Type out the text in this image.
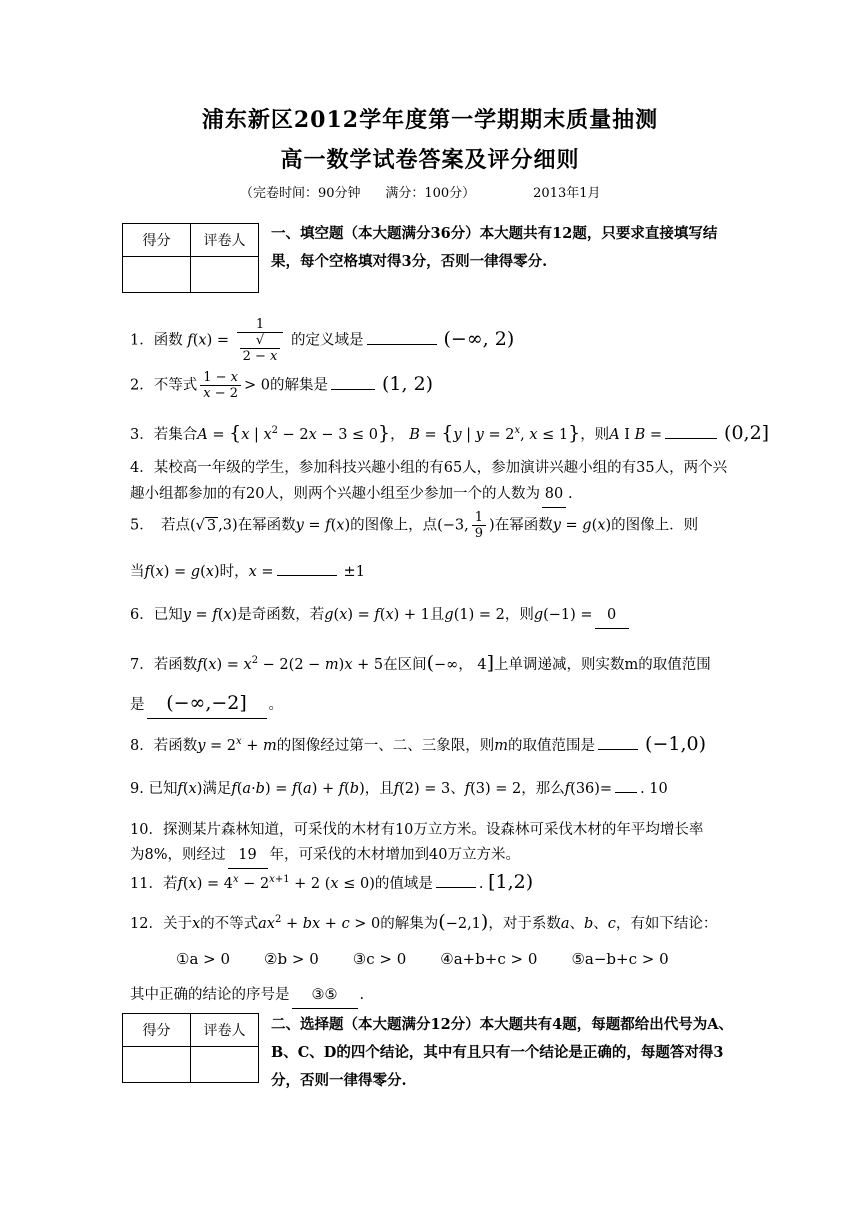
浦东新区2012学年度第一学期期末质量抽测
高一数学试卷答案及评分细则
（完卷时间：90分钟      满分：100分）	2013年1月
得分	评卷人
	一、填空题（本大题满分36分）本大题共有12题，只要求直接填写结果，每个空格填对得3分，否则一律得零分.
1．函数 f(x) = 1
√
2 − x 的定义域是	(−∞, 2)
2．不等式 $\frac{1 - x}{x - 2} > 0$的解集是	(1, 2)
3．若集合A = {x | $x^2 - 2x - 3 \le 0$}， B = {y | $y = 2^x$, x ≤ 1}，则A I B =	(0,2]
4．某校高一年级的学生，参加科技兴趣小组的有65人，参加演讲兴趣小组的有35人，两个兴趣小组都参加的有20人，则两个兴趣小组至少参加一个的人数为 80 .
5．　若点(√ 3 ,3)在幂函数y = f(x)的图像上，点(−3, $\frac{1}{9}$ )在幂函数y = g(x)的图像上．则
当f(x) = g(x)时，x =	±1
6．已知y = f(x)是奇函数，若g(x) = f(x) + 1且g(1) = 2，则g(−1) = 0
7．若函数$f(x) = x^2 - 2(2 - m)x + 5$在区间(−∞， 4]上单调递减，则实数m的取值范围
是 (−∞,−2] 。
8．若函数$y = 2^x + m$的图像经过第一、二、三象限，则m的取值范围是	(−1,0)
9. 已知f(x)满足f(a·b) = f(a) + f(b)，且f(2) = 3、f(3) = 2，那么f(36)= . 10
10．探测某片森林知道，可采伐的木材有10万立方米。设森林可采伐木材的年平均增长率
为8%，则经过 19 年，可采伐的木材增加到40万立方米。
11．若$f(x) = 4^x - 2^{x+1} + 2$ (x ≤ 0)的值域是	. [1,2)
12．关于x的不等式$ax^2$ + bx + c > 0的解集为(−2,1)，对于系数a、b、c，有如下结论：
①a > 0 ②b > 0 ③c > 0 ④a+b+c > 0 ⑤a−b+c > 0
其中正确的结论的序号是 ③⑤ .
得分	评卷人
	二、选择题（本大题满分12分）本大题共有4题，每题都给出代号为A、B、C、D的四个结论，其中有且只有一个结论是正确的，每题答对得3分，否则一律得零分.
